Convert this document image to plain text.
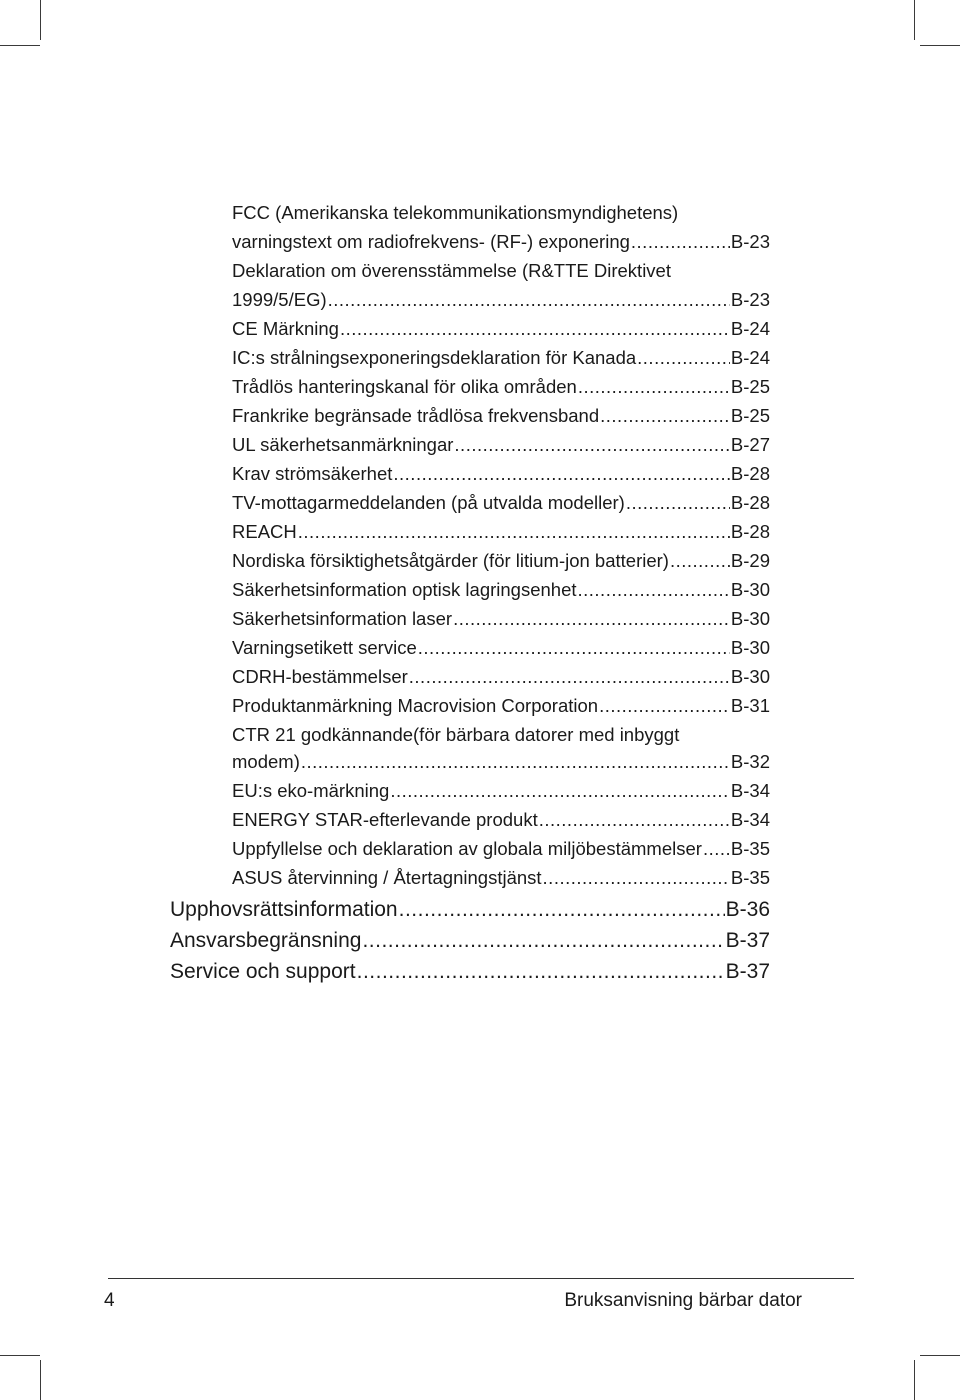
FCC (Amerikanska telekommunikationsmyndighetens)
varningstext om radiofrekvens- (RF-) exponering .....	B-23
Deklaration om överensstämmelse (R&TTE Direktivet
1999/5/EG) .....	B-23
CE Märkning .....	B-24
IC:s strålningsexponeringsdeklaration för Kanada .....	B-24
Trådlös hanteringskanal för olika områden .....	B-25
Frankrike begränsade trådlösa frekvensband .....	B-25
UL säkerhetsanmärkningar .....	B-27
Krav strömsäkerhet .....	B-28
TV-mottagarmeddelanden (på utvalda modeller) .....	B-28
REACH .....	B-28
Nordiska försiktighetsåtgärder (för litium-jon batterier) .....	B-29
Säkerhetsinformation optisk lagringsenhet .....	B-30
Säkerhetsinformation laser .....	B-30
Varningsetikett service .....	B-30
CDRH-bestämmelser .....	B-30
Produktanmärkning Macrovision Corporation .....	B-31
CTR 21 godkännande(för bärbara datorer med inbyggt
modem) .....	B-32
EU:s eko-märkning .....	B-34
ENERGY STAR-efterlevande produkt .....	B-34
Uppfyllelse och deklaration av globala miljöbestämmelser ..... B-35
ASUS återvinning / Återtagningstjänst .....	B-35
Upphovsrättsinformation .....	B-36
Ansvarsbegränsning .....	B-37
Service och support .....	B-37
4	Bruksanvisning bärbar dator
